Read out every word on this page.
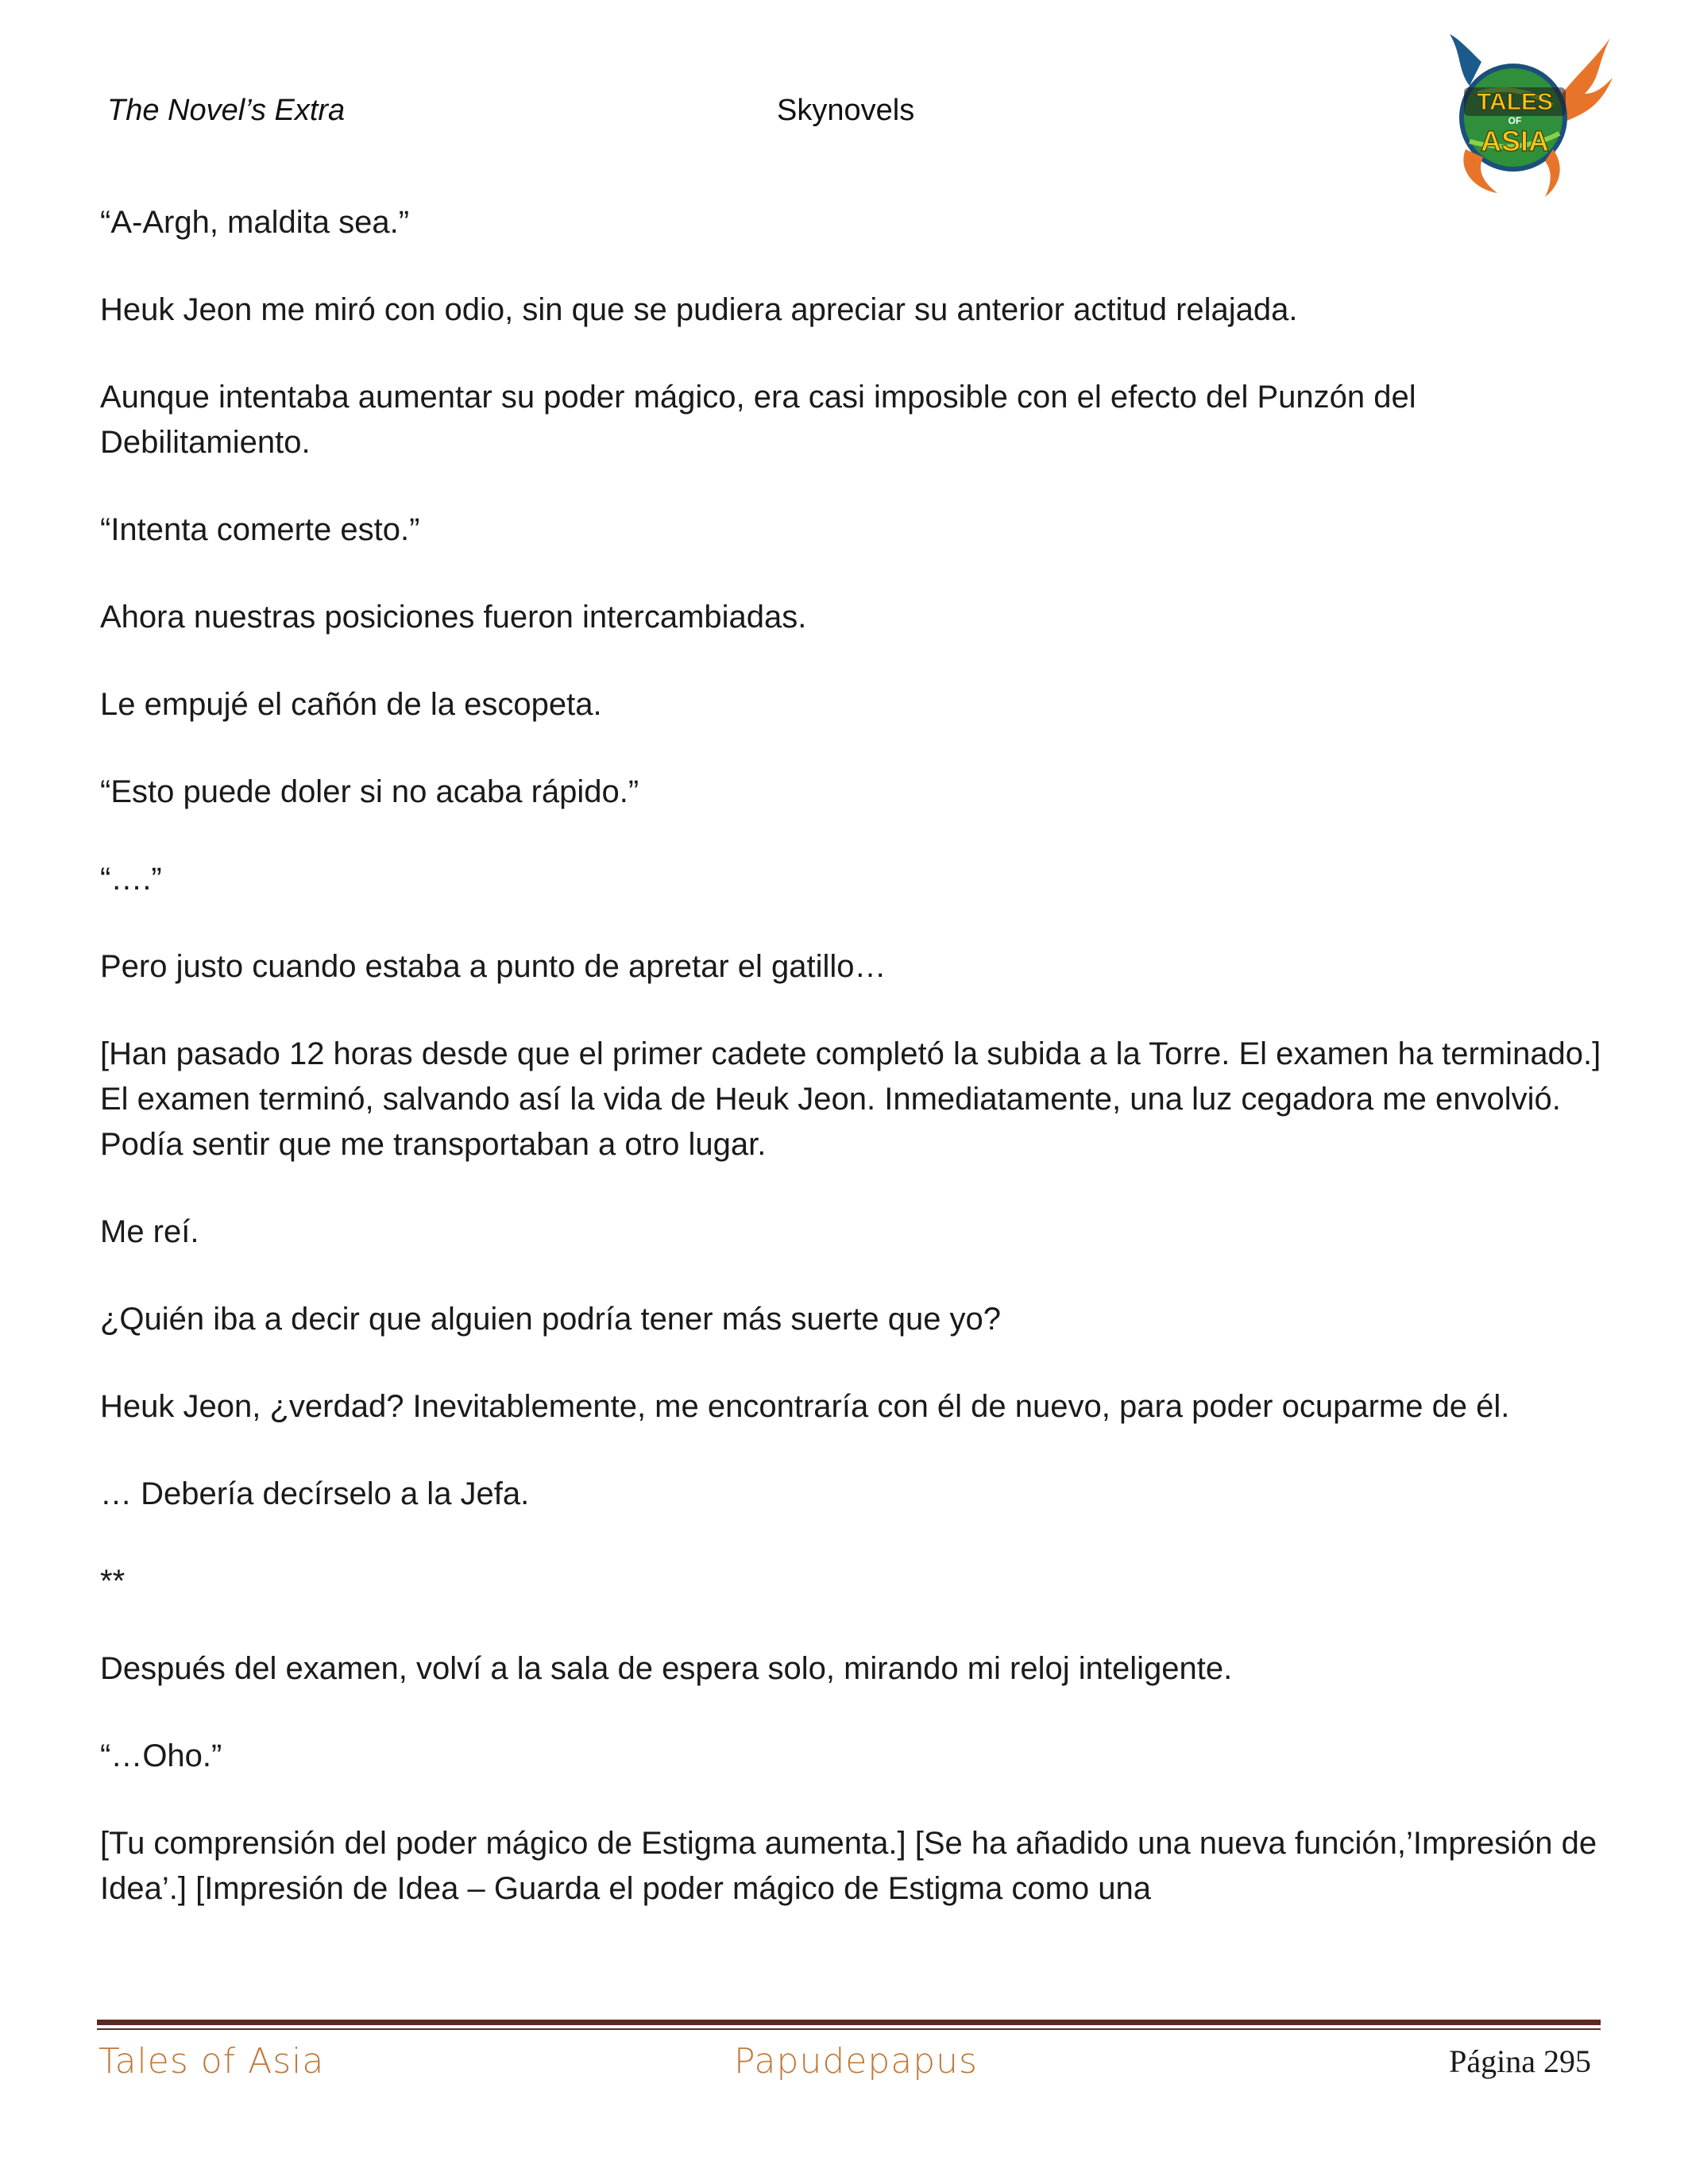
The Novel’s Extra	Skynovels	TALES
OF
ASIA

“A-Argh, maldita sea.”

Heuk Jeon me miró con odio, sin que se pudiera apreciar su anterior actitud relajada.

Aunque intentaba aumentar su poder mágico, era casi imposible con el efecto del Punzón del Debilitamiento.

“Intenta comerte esto.”

Ahora nuestras posiciones fueron intercambiadas.

Le empujé el cañón de la escopeta.

“Esto puede doler si no acaba rápido.”

“….”

Pero justo cuando estaba a punto de apretar el gatillo…

[Han pasado 12 horas desde que el primer cadete completó la subida a la Torre. El examen ha terminado.]

El examen terminó, salvando así la vida de Heuk Jeon. Inmediatamente, una luz cegadora me envolvió. Podía sentir que me transportaban a otro lugar.

Me reí.

¿Quién iba a decir que alguien podría tener más suerte que yo?

Heuk Jeon, ¿verdad? Inevitablemente, me encontraría con él de nuevo, para poder ocuparme de él.

… Debería decírselo a la Jefa.

**

Después del examen, volví a la sala de espera solo, mirando mi reloj inteligente.

“…Oho.”

[Tu comprensión del poder mágico de Estigma aumenta.] [Se ha añadido una nueva función,’Impresión de Idea’.] [Impresión de Idea – Guarda el poder mágico de Estigma como una

Tales of Asia	Papudepapus	Página 295
